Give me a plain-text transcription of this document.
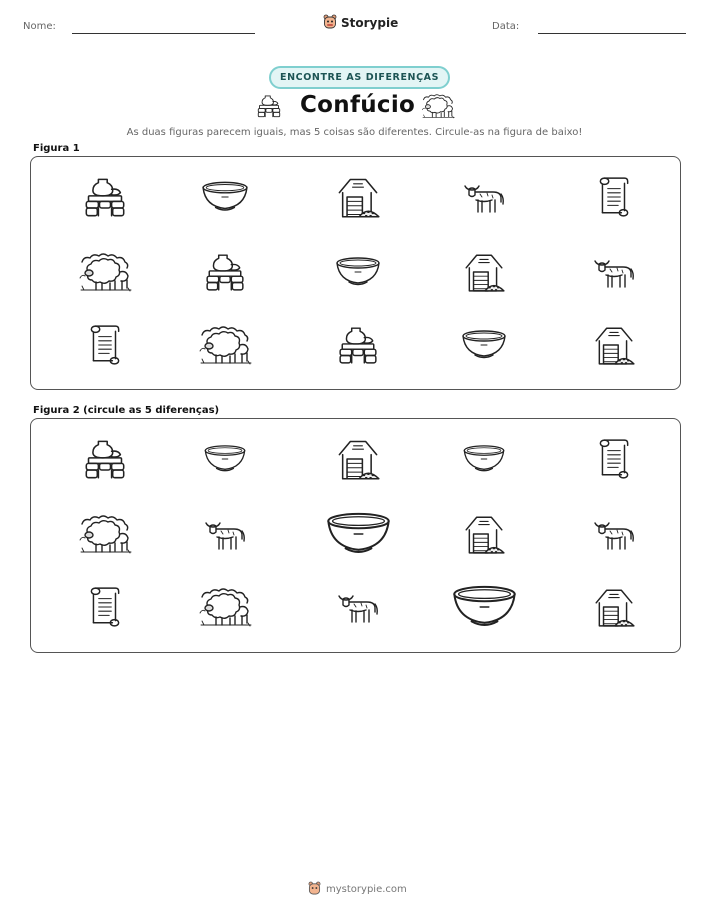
Nome:	Storypie	Data:
ENCONTRE AS DIFERENÇAS
Confúcio
As duas figuras parecem iguais, mas 5 coisas são diferentes. Circule-as na figura de baixo!
Figura 1
Figura 2 (circule as 5 diferenças)
mystorypie.com
